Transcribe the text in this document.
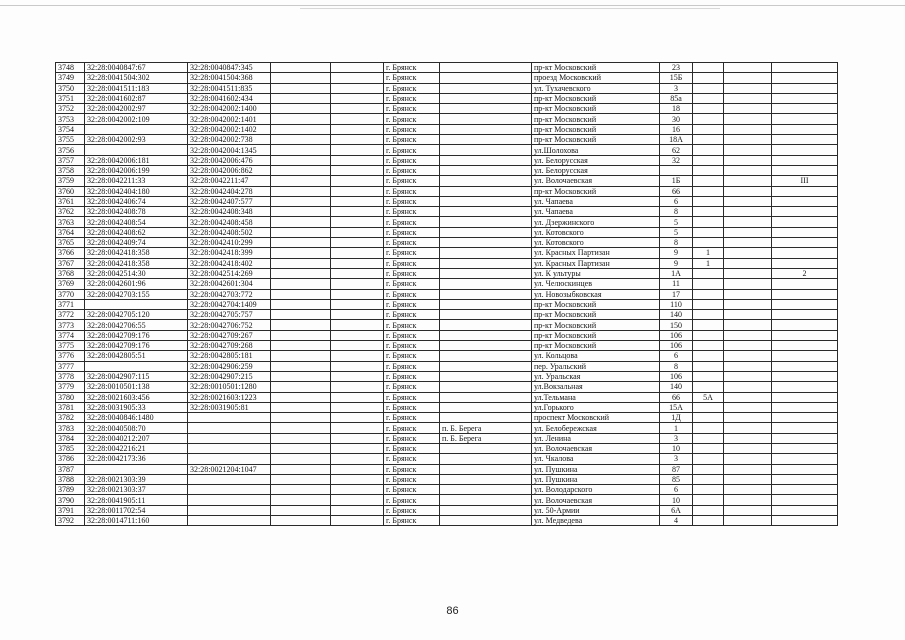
3748	32:28:0040847:67	32:28:0040847:345			г. Брянск		пр-кт Московский	23			
3749	32:28:0041504:302	32:28:0041504:368			г. Брянск		проезд Московский	15Б			
3750	32:28:0041511:183	32:28:0041511:835			г. Брянск		ул. Тухачевского	3			
3751	32:28:0041602:87	32:28:0041602:434			г. Брянск		пр-кт Московский	85а			
3752	32:28:0042002:97	32:28:0042002:1400			г. Брянск		пр-кт Московский	18			
3753	32:28:0042002:109	32:28:0042002:1401			г. Брянск		пр-кт Московский	30			
3754		32:28:0042002:1402			г. Брянск		пр-кт Московский	16			
3755	32:28:0042002:93	32:28:0042002:738			г. Брянск		пр-кт Московский	18А			
3756		32:28:0042004:1345			г. Брянск		ул.Шолохова	62			
3757	32:28:0042006:181	32:28:0042006:476			г. Брянск		ул. Белорусская	32			
3758	32:28:0042006:199	32:28:0042006:862			г. Брянск		ул. Белорусская				
3759	32:28:0042211:33	32:28:0042211:47			г. Брянск		ул. Волочаевская	1Б			III
3760	32:28:0042404:180	32:28:0042404:278			г. Брянск		пр-кт Московский	66			
3761	32:28:0042406:74	32:28:0042407:577			г. Брянск		ул. Чапаева	6			
3762	32:28:0042408:78	32:28:0042408:348			г. Брянск		ул. Чапаева	8			
3763	32:28:0042408:54	32:28:0042408:458			г. Брянск		ул. Дзержинского	5			
3764	32:28:0042408:62	32:28:0042408:502			г. Брянск		ул. Котовского	5			
3765	32:28:0042409:74	32:28:0042410:299			г. Брянск		ул. Котовского	8			
3766	32:28:0042418:358	32:28:0042418:399			г. Брянск		ул. Красных Партизан	9	1		
3767	32:28:0042418:358	32:28:0042418:402			г. Брянск		ул. Красных Партизан	9	1		
3768	32:28:0042514:30	32:28:0042514:269			г. Брянск		ул. К ультуры	1А			2
3769	32:28:0042601:96	32:28:0042601:304			г. Брянск		ул. Челюскинцев	11			
3770	32:28:0042703:155	32:28:0042703:772			г. Брянск		ул. Новозыбковская	17			
3771		32:28:0042704:1409			г. Брянск		пр-кт Московский	110			
3772	32:28:0042705:120	32:28:0042705:757			г. Брянск		пр-кт Московский	140			
3773	32:28:0042706:55	32:28:0042706:752			г. Брянск		пр-кт Московский	150			
3774	32:28:0042709:176	32:28:0042709:267			г. Брянск		пр-кт Московский	106			
3775	32:28:0042709:176	32:28:0042709:268			г. Брянск		пр-кт Московский	106			
3776	32:28:0042805:51	32:28:0042805:181			г. Брянск		ул. Кольцова	6			
3777		32:28:0042906:259			г. Брянск		пер. Уральский	8			
3778	32:28:0042907:115	32:28:0042907:215			г. Брянск		ул. Уральская	106			
3779	32:28:0010501:138	32:28:0010501:1280			г. Брянск		ул.Вокзальная	140			
3780	32:28:0021603:456	32:28:0021603:1223			г. Брянск		ул.Тельмана	66	5А		
3781	32:28:0031905:33	32:28:0031905:81			г. Брянск		ул.Горького	15А			
3782	32:28:0040846:1480				г. Брянск		проспект Московский	1Д			
3783	32:28:0040508:70				г. Брянск	п. Б. Берега	ул. Белобережская	1			
3784	32:28:0040212:207				г. Брянск	п. Б. Берега	ул. Ленина	3			
3785	32:28:0042216:21				г. Брянск		ул. Волочаевская	10			
3786	32:28:0042173:36				г. Брянск		ул. Чкалова	3			
3787		32:28:0021204:1047			г. Брянск		ул. Пушкина	87			
3788	32:28:0021303:39				г. Брянск		ул. Пушкина	85			
3789	32:28:0021303:37				г. Брянск		ул. Володарского	6			
3790	32:28:0041905:11				г. Брянск		ул. Волочаевская	10			
3791	32:28:0011702:54				г. Брянск		ул. 50-Армии	6А			
3792	32:28:0014711:160				г. Брянск		ул. Медведева	4			
86
